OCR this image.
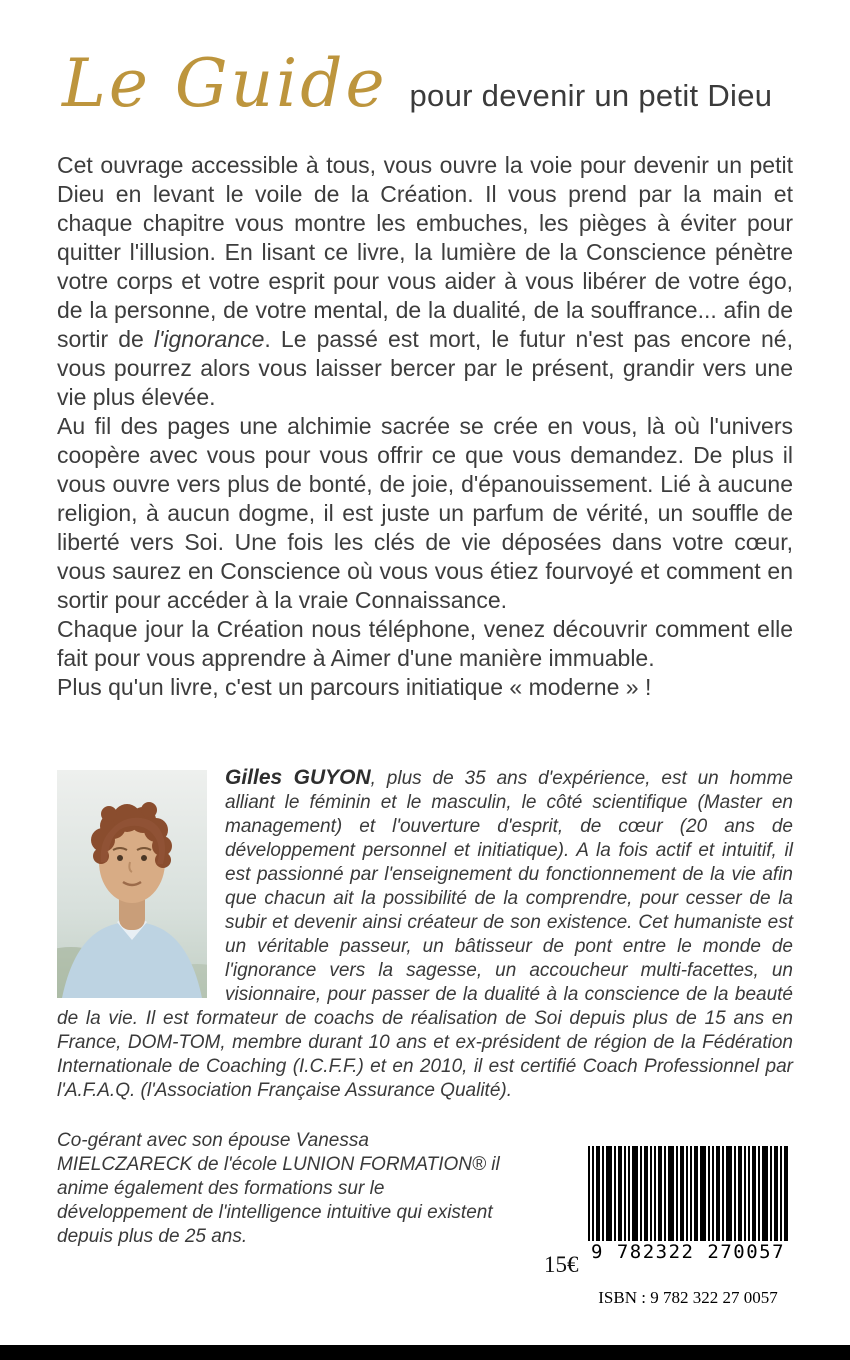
Le Guide pour devenir un petit Dieu

Cet ouvrage accessible à tous, vous ouvre la voie pour devenir un petit Dieu en levant le voile de la Création. Il vous prend par la main et chaque chapitre vous montre les embuches, les pièges à éviter pour quitter l'illusion. En lisant ce livre, la lumière de la Conscience pénètre votre corps et votre esprit pour vous aider à vous libérer de votre égo, de la personne, de votre mental, de la dualité, de la souffrance... afin de sortir de l'ignorance. Le passé est mort, le futur n'est pas encore né, vous pourrez alors vous laisser bercer par le présent, grandir vers une vie plus élevée.

Au fil des pages une alchimie sacrée se crée en vous, là où l'univers coopère avec vous pour vous offrir ce que vous demandez. De plus il vous ouvre vers plus de bonté, de joie, d'épanouissement. Lié à aucune religion, à aucun dogme, il est juste un parfum de vérité, un souffle de liberté vers Soi. Une fois les clés de vie déposées dans votre cœur, vous saurez en Conscience où vous vous étiez fourvoyé et comment en sortir pour accéder à la vraie Connaissance.

Chaque jour la Création nous téléphone, venez découvrir comment elle fait pour vous apprendre à Aimer d'une manière immuable.

Plus qu'un livre, c'est un parcours initiatique « moderne » !

Gilles GUYON, plus de 35 ans d'expérience, est un homme alliant le féminin et le masculin, le côté scientifique (Master en management) et l'ouverture d'esprit, de cœur (20 ans de développement personnel et initiatique). A la fois actif et intuitif, il est passionné par l'enseignement du fonctionnement de la vie afin que chacun ait la possibilité de la comprendre, pour cesser de la subir et devenir ainsi créateur de son existence. Cet humaniste est un véritable passeur, un bâtisseur de pont entre le monde de l'ignorance vers la sagesse, un accoucheur multi-facettes, un visionnaire, pour passer de la dualité à la conscience de la beauté de la vie. Il est formateur de coachs de réalisation de Soi depuis plus de 15 ans en France, DOM-TOM, membre durant 10 ans et ex-président de région de la Fédération Internationale de Coaching (I.C.F.F.) et en 2010, il est certifié Coach Professionnel par l'A.F.A.Q. (l'Association Française Assurance Qualité).

Co-gérant avec son épouse Vanessa MIELCZARECK de l'école LUNION FORMATION® il anime également des formations sur le développement de l'intelligence intuitive qui existent depuis plus de 25 ans.
15€ 9 782322 270057
ISBN : 9 782 322 27 0057
